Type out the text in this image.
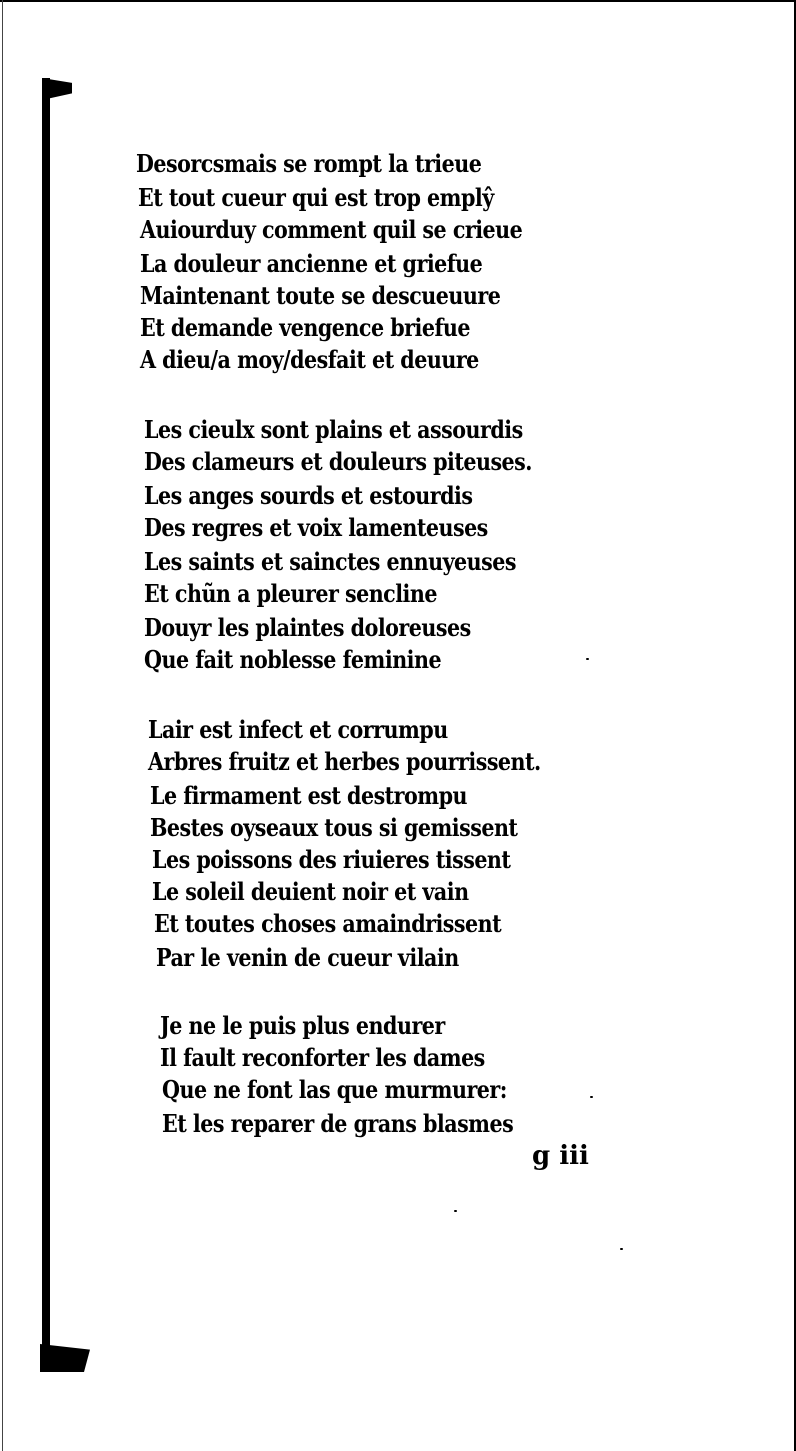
Desorcsmais se rompt la trieue
Et tout cueur qui est trop emplŷ
Auiourduy comment quil se crieue
La douleur ancienne et griefue
Maintenant toute se descueuure
Et demande vengence briefue
A dieu/a moy/desfait et deuure
Les cieulx sont plains et assourdis
Des clameurs et douleurs piteuses.
Les anges sourds et estourdis
Des regres et voix lamenteuses
Les saints et sainctes ennuyeuses
Et chũn a pleurer sencline
Douyr les plaintes doloreuses
Que fait noblesse feminine
Lair est infect et corrumpu
Arbres fruitz et herbes pourrissent.
Le firmament est destrompu
Bestes oyseaux tous si gemissent
Les poissons des riuieres tissent
Le soleil deuient noir et vain
Et toutes choses amaindrissent
Par le venin de cueur vilain
Je ne le puis plus endurer
Il fault reconforter les dames
Que ne font las que murmurer:
Et les reparer de grans blasmes
g iii
